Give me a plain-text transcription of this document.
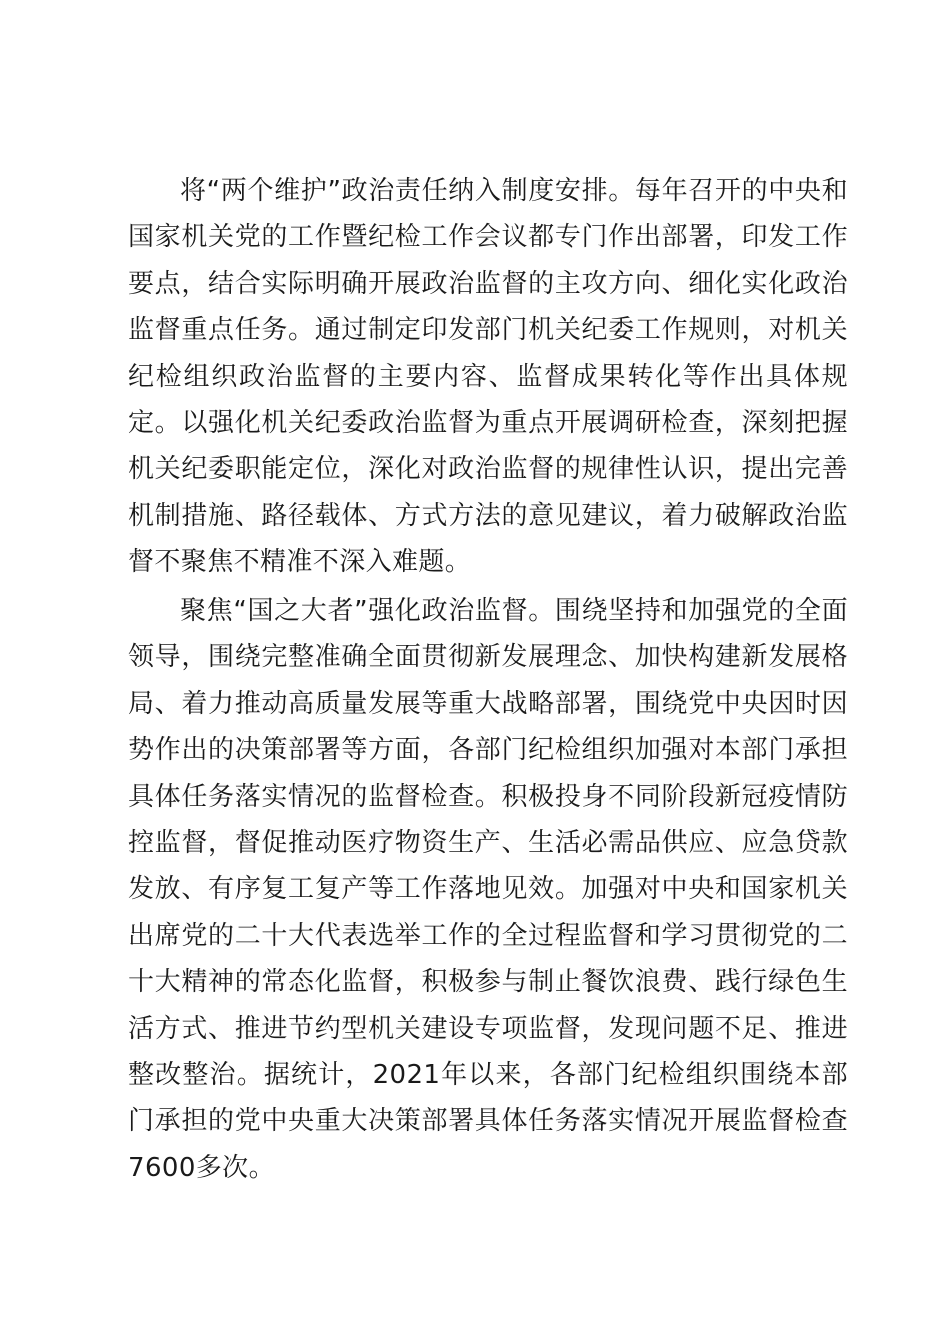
将“两个维护”政治责任纳入制度安排。每年召开的中央和国家机关党的工作暨纪检工作会议都专门作出部署，印发工作要点，结合实际明确开展政治监督的主攻方向、细化实化政治监督重点任务。通过制定印发部门机关纪委工作规则，对机关纪检组织政治监督的主要内容、监督成果转化等作出具体规定。以强化机关纪委政治监督为重点开展调研检查，深刻把握机关纪委职能定位，深化对政治监督的规律性认识，提出完善机制措施、路径载体、方式方法的意见建议，着力破解政治监督不聚焦不精准不深入难题。

聚焦“国之大者”强化政治监督。围绕坚持和加强党的全面领导，围绕完整准确全面贯彻新发展理念、加快构建新发展格局、着力推动高质量发展等重大战略部署，围绕党中央因时因势作出的决策部署等方面，各部门纪检组织加强对本部门承担具体任务落实情况的监督检查。积极投身不同阶段新冠疫情防控监督，督促推动医疗物资生产、生活必需品供应、应急贷款发放、有序复工复产等工作落地见效。加强对中央和国家机关出席党的二十大代表选举工作的全过程监督和学习贯彻党的二十大精神的常态化监督，积极参与制止餐饮浪费、践行绿色生活方式、推进节约型机关建设专项监督，发现问题不足、推进整改整治。据统计，2021年以来，各部门纪检组织围绕本部门承担的党中央重大决策部署具体任务落实情况开展监督检查7600多次。
